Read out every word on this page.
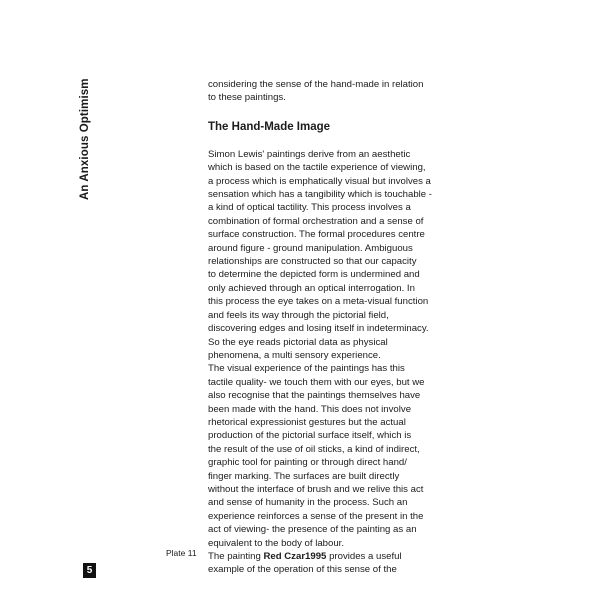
An Anxious Optimism
5
Plate 11

considering the sense of the hand-made in relation
to these paintings.

The Hand-Made Image

Simon Lewis' paintings derive from an aesthetic
which is based on the tactile experience of viewing,
a process which is emphatically visual but involves a
sensation which has a tangibility which is touchable -
a kind of optical tactility. This process involves a
combination of formal orchestration and a sense of
surface construction. The formal procedures centre
around figure - ground manipulation. Ambiguous
relationships are constructed so that our capacity
to determine the depicted form is undermined and
only achieved through an optical interrogation. In
this process the eye takes on a meta-visual function
and feels its way through the pictorial field,
discovering edges and losing itself in indeterminacy.
So the eye reads pictorial data as physical
phenomena, a multi sensory experience.

The visual experience of the paintings has this
tactile quality- we touch them with our eyes, but we
also recognise that the paintings themselves have
been made with the hand. This does not involve
rhetorical expressionist gestures but the actual
production of the pictorial surface itself, which is
the result of the use of oil sticks, a kind of indirect,
graphic tool for painting or through direct hand/
finger marking. The surfaces are built directly
without the interface of brush and we relive this act
and sense of humanity in the process. Such an
experience reinforces a sense of the present in the
act of viewing- the presence of the painting as an
equivalent to the body of labour.

The painting Red Czar1995 provides a useful
example of the operation of this sense of the
